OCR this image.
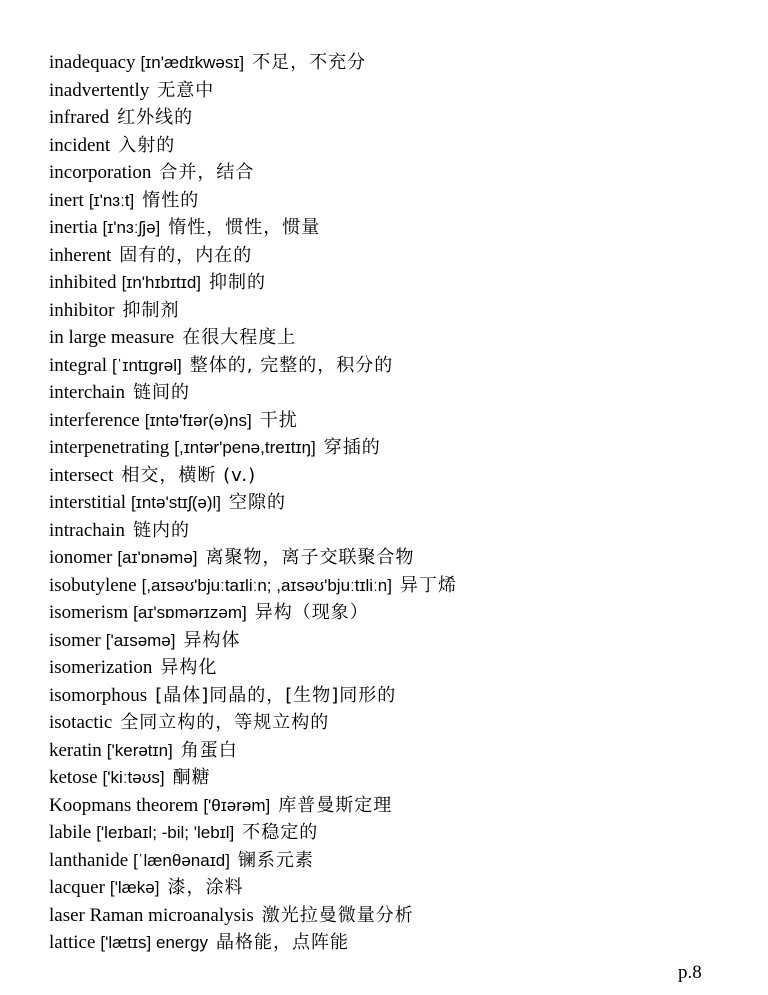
inadequacy [ɪn'ædɪkwəsɪ] 不足，不充分
inadvertently 无意中
infrared 红外线的
incident 入射的
incorporation 合并，结合
inert [ɪ'nɜːt] 惰性的
inertia [ɪ'nɜːʃjə] 惰性，惯性，惯量
inherent 固有的，内在的
inhibited [ɪn'hɪbɪtɪd] 抑制的
inhibitor 抑制剂
in large measure 在很大程度上
integral [ˈɪntɪgrəl] 整体的, 完整的，积分的
interchain 链间的
interference [ɪntə'fɪər(ə)ns] 干扰
interpenetrating [,ɪntər'penə,treɪtɪŋ] 穿插的
intersect 相交，横断 (v.)
interstitial [ɪntə'stɪʃ(ə)l] 空隙的
intrachain 链内的
ionomer [aɪ'ɒnəmə] 离聚物，离子交联聚合物
isobutylene [,aɪsəʊ'bjuːtaɪliːn; ,aɪsəʊ'bjuːtɪliːn] 异丁烯
isomerism [aɪ'sɒmərɪzəm] 异构（现象）
isomer ['aɪsəmə] 异构体
isomerization 异构化
isomorphous [晶体]同晶的，[生物]同形的
isotactic 全同立构的，等规立构的
keratin ['kerətɪn] 角蛋白
ketose ['kiːtəʊs] 酮糖
Koopmans theorem ['θɪərəm] 库普曼斯定理
labile ['leɪbaɪl; -bil; 'lebɪl] 不稳定的
lanthanide [ˈlænθənaɪd] 镧系元素
lacquer ['lækə] 漆，涂料
laser Raman microanalysis 激光拉曼微量分析
lattice ['lætɪs] energy 晶格能，点阵能
p.8
